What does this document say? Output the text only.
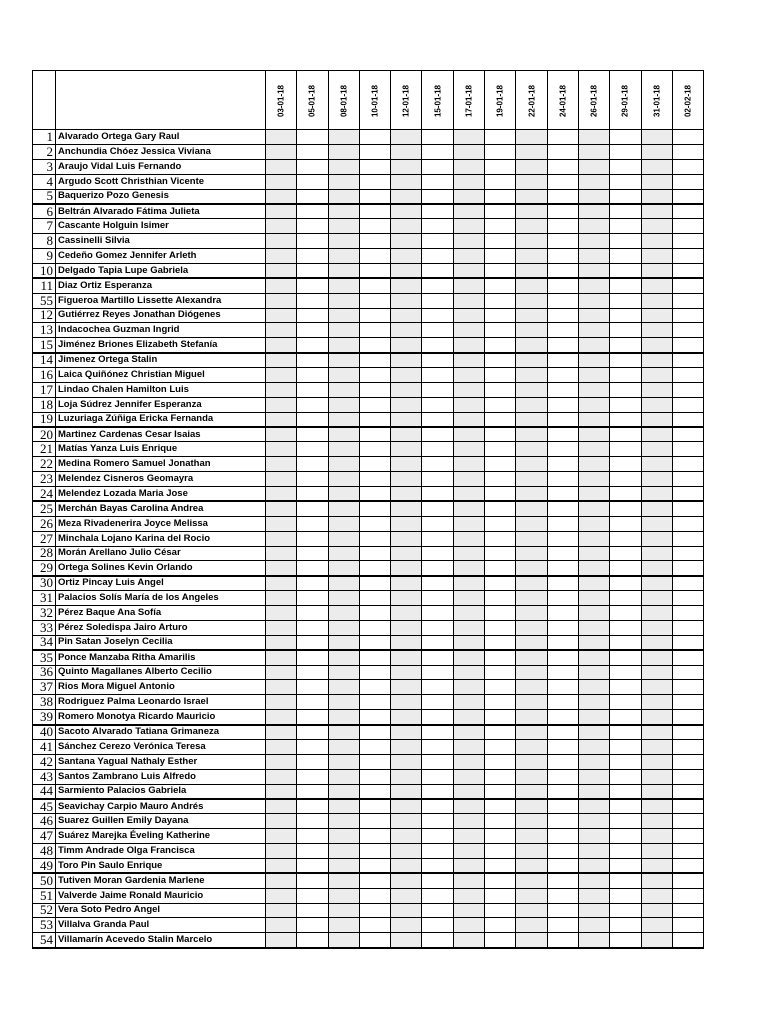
		03-01-18	05-01-18	08-01-18	10-01-18	12-01-18	15-01-18	17-01-18	19-01-18	22-01-18	24-01-18	26-01-18	29-01-18	31-01-18	02-02-18

1	Alvarado Ortega Gary Raul														
2	Anchundia Chóez Jessica Viviana														
3	Araujo Vidal Luis Fernando														
4	Argudo Scott Christhian Vicente														
5	Baquerizo Pozo Genesis														
6	Beltrán Alvarado Fátima Julieta														
7	Cascante Holguin Isimer														
8	Cassinelli Silvia														
9	Cedeño Gomez Jennifer Arleth														
10	Delgado Tapia Lupe Gabriela														
11	Diaz Ortiz Esperanza														
55	Figueroa Martillo Lissette Alexandra														
12	Gutiérrez Reyes Jonathan Diógenes														
13	Indacochea Guzman Ingrid														
15	Jiménez Briones Elizabeth Stefanía														
14	Jimenez Ortega Stalin														
16	Laica Quiñónez Christian Miguel														
17	Lindao Chalen Hamilton Luis														
18	Loja Súdrez Jennifer Esperanza														
19	Luzuriaga Zúñiga Ericka Fernanda														
20	Martinez Cardenas Cesar Isaias														
21	Matías Yanza Luis Enrique														
22	Medina Romero Samuel Jonathan														
23	Melendez Cisneros Geomayra														
24	Melendez Lozada Maria Jose														
25	Merchán Bayas Carolina Andrea														
26	Meza Rivadenerira Joyce Melissa														
27	Minchala Lojano Karina del Rocio														
28	Morán Arellano Julio César														
29	Ortega Solines Kevin Orlando														
30	Ortiz Pincay Luis Angel														
31	Palacios Solís María de los Angeles														
32	Pérez Baque Ana Sofía														
33	Pérez Soledispa Jairo Arturo														
34	Pin Satan Joselyn Cecilia														
35	Ponce Manzaba Ritha Amarilis														
36	Quinto Magallanes Alberto Cecilio														
37	Rios Mora Miguel Antonio														
38	Rodriguez Palma Leonardo Israel														
39	Romero Monotya Ricardo Mauricio														
40	Sacoto Alvarado Tatiana Grimaneza														
41	Sánchez Cerezo Verónica Teresa														
42	Santana Yagual Nathaly Esther														
43	Santos Zambrano Luis Alfredo														
44	Sarmiento Palacios Gabriela														
45	Seavichay Carpio Mauro Andrés														
46	Suarez Guillen Emily Dayana														
47	Suárez Marejka Éveling Katherine														
48	Timm Andrade Olga Francisca														
49	Toro Pin Saulo Enrique														
50	Tutiven Moran Gardenia Marlene														
51	Valverde Jaime Ronald Mauricio														
52	Vera Soto Pedro Angel														
53	Villalva Granda Paul														
54	Villamarín Acevedo Stalin Marcelo														
